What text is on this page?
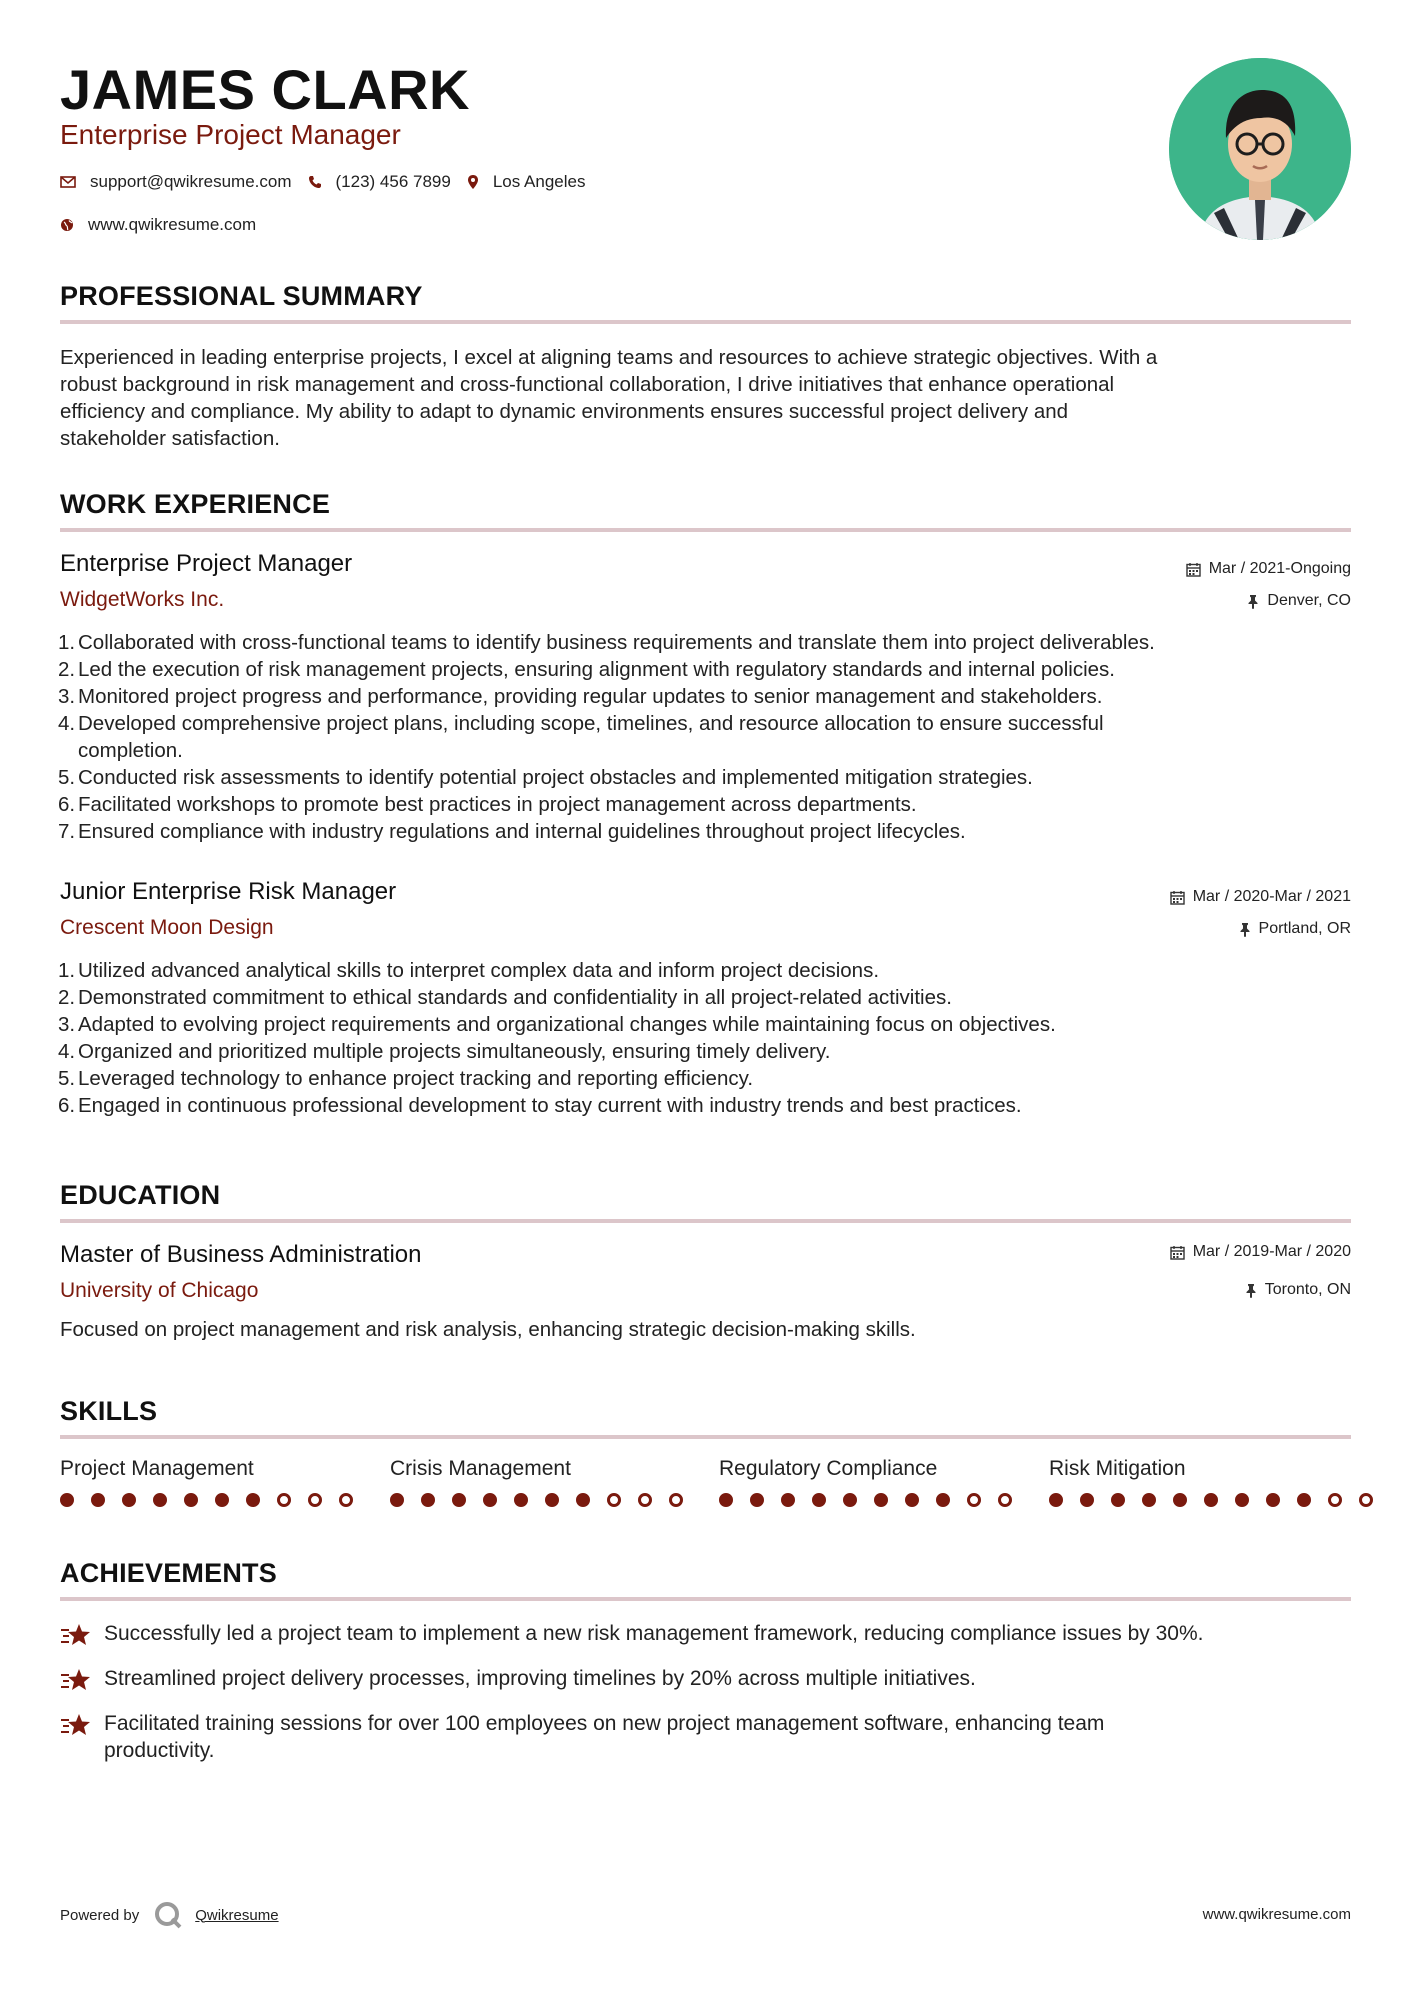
JAMES CLARK
Enterprise Project Manager
support@qwikresume.com	(123) 456 7899 Los Angeles
www.qwikresume.com
PROFESSIONAL SUMMARY
Experienced in leading enterprise projects, I excel at aligning teams and resources to achieve strategic objectives. With a
robust background in risk management and cross-functional collaboration, I drive initiatives that enhance operational
efficiency and compliance. My ability to adapt to dynamic environments ensures successful project delivery and
stakeholder satisfaction.
WORK EXPERIENCE
Enterprise Project Manager	Mar / 2021-Ongoing
WidgetWorks Inc.	Denver, CO
1. Collaborated with cross-functional teams to identify business requirements and translate them into project deliverables.
2. Led the execution of risk management projects, ensuring alignment with regulatory standards and internal policies.
3. Monitored project progress and performance, providing regular updates to senior management and stakeholders.
4. Developed comprehensive project plans, including scope, timelines, and resource allocation to ensure successful
completion.
5. Conducted risk assessments to identify potential project obstacles and implemented mitigation strategies.
6. Facilitated workshops to promote best practices in project management across departments.
7. Ensured compliance with industry regulations and internal guidelines throughout project lifecycles.
Junior Enterprise Risk Manager	Mar / 2020-Mar / 2021
Crescent Moon Design	Portland, OR
1. Utilized advanced analytical skills to interpret complex data and inform project decisions.
2. Demonstrated commitment to ethical standards and confidentiality in all project-related activities.
3. Adapted to evolving project requirements and organizational changes while maintaining focus on objectives.
4. Organized and prioritized multiple projects simultaneously, ensuring timely delivery.
5. Leveraged technology to enhance project tracking and reporting efficiency.
6. Engaged in continuous professional development to stay current with industry trends and best practices.
EDUCATION
Master of Business Administration	Mar / 2019-Mar / 2020
University of Chicago	Toronto, ON
Focused on project management and risk analysis, enhancing strategic decision-making skills.
SKILLS
Project Management	Crisis Management	Regulatory Compliance	Risk Mitigation
ACHIEVEMENTS
Successfully led a project team to implement a new risk management framework, reducing compliance issues by 30%.
Streamlined project delivery processes, improving timelines by 20% across multiple initiatives.
Facilitated training sessions for over 100 employees on new project management software, enhancing team
productivity.
Powered by	Qwikresume	www.qwikresume.com
